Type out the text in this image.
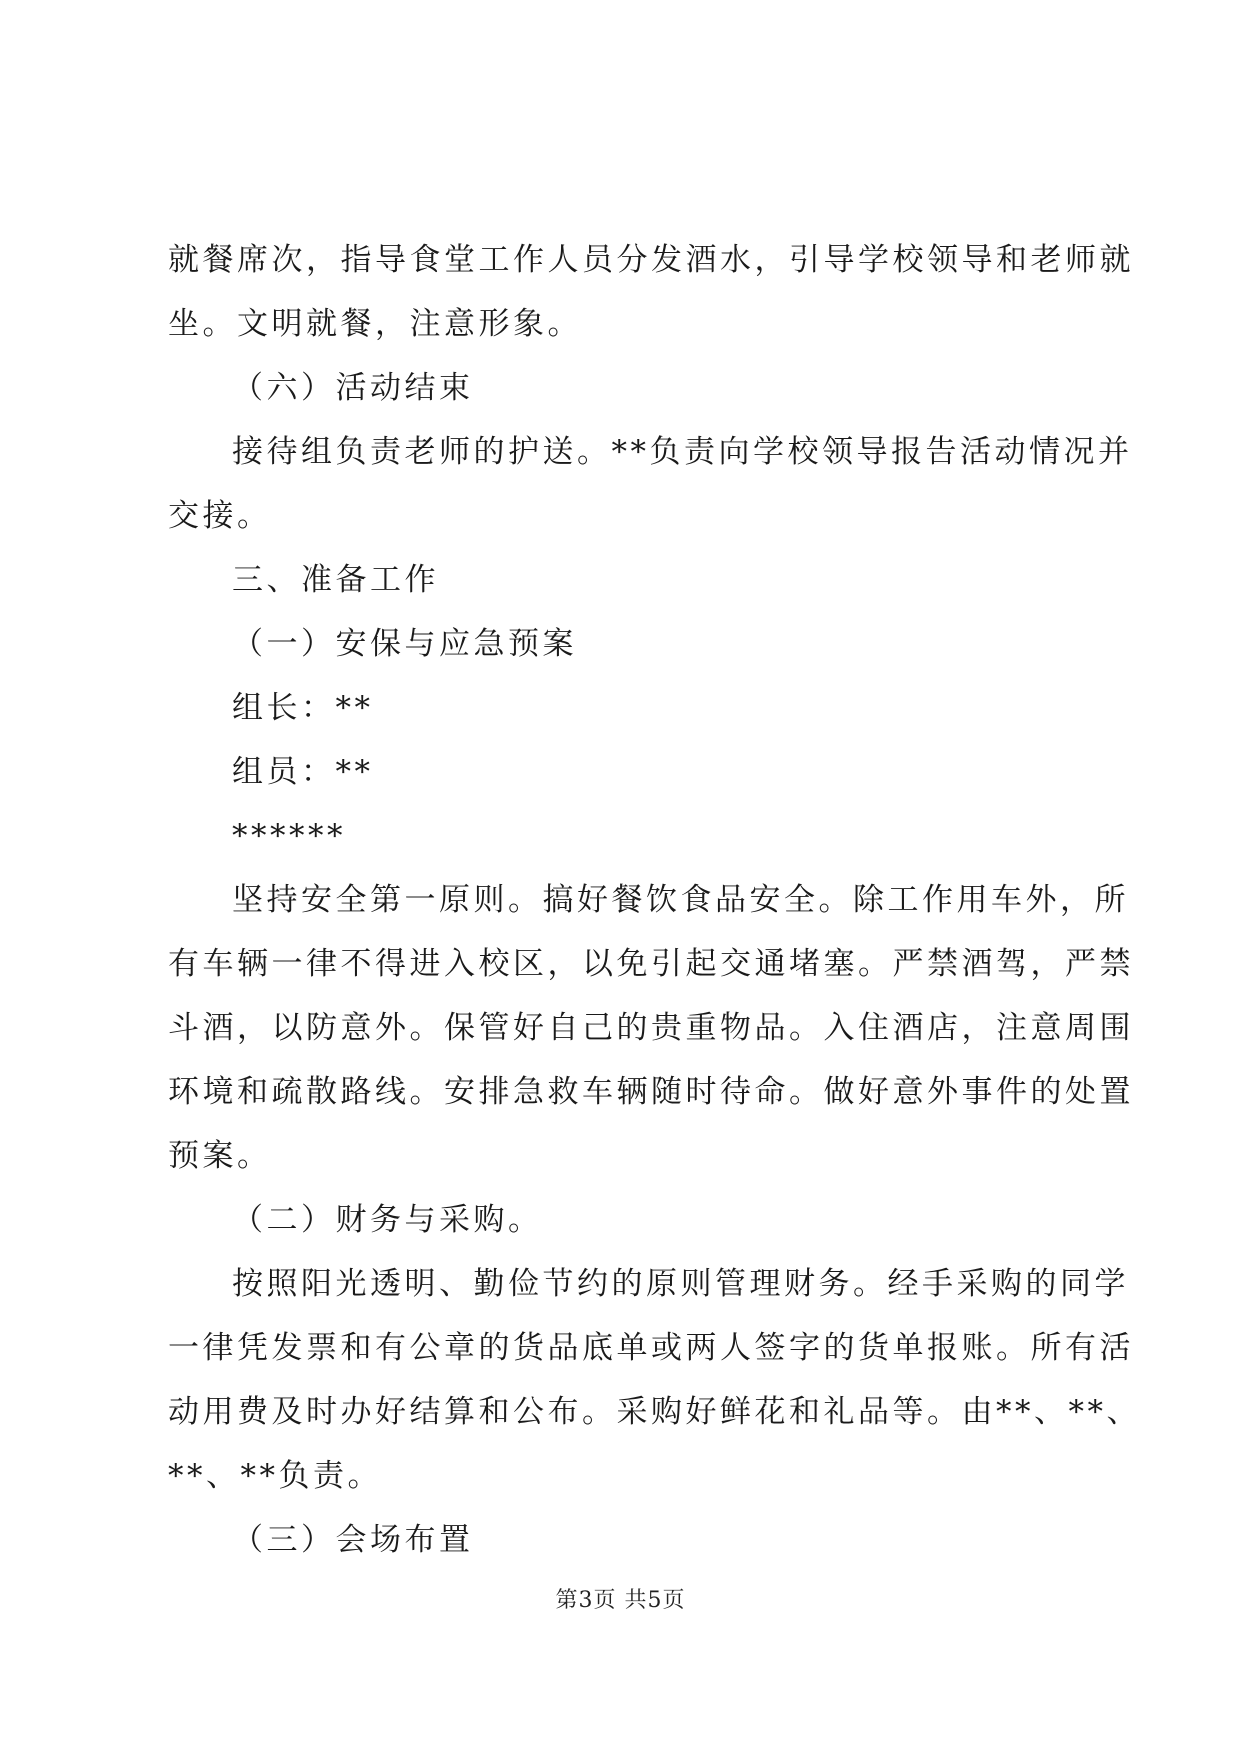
就餐席次，指导食堂工作人员分发酒水，引导学校领导和老师就
坐。文明就餐，注意形象。
（六）活动结束
接待组负责老师的护送。**负责向学校领导报告活动情况并
交接。
三、准备工作
（一）安保与应急预案
组长：**
组员：**
******
坚持安全第一原则。搞好餐饮食品安全。除工作用车外，所
有车辆一律不得进入校区，以免引起交通堵塞。严禁酒驾，严禁
斗酒，以防意外。保管好自己的贵重物品。入住酒店，注意周围
环境和疏散路线。安排急救车辆随时待命。做好意外事件的处置
预案。
（二）财务与采购。
按照阳光透明、勤俭节约的原则管理财务。经手采购的同学
一律凭发票和有公章的货品底单或两人签字的货单报账。所有活
动用费及时办好结算和公布。采购好鲜花和礼品等。由**、**、
**、**负责。
（三）会场布置
第3页 共5页
